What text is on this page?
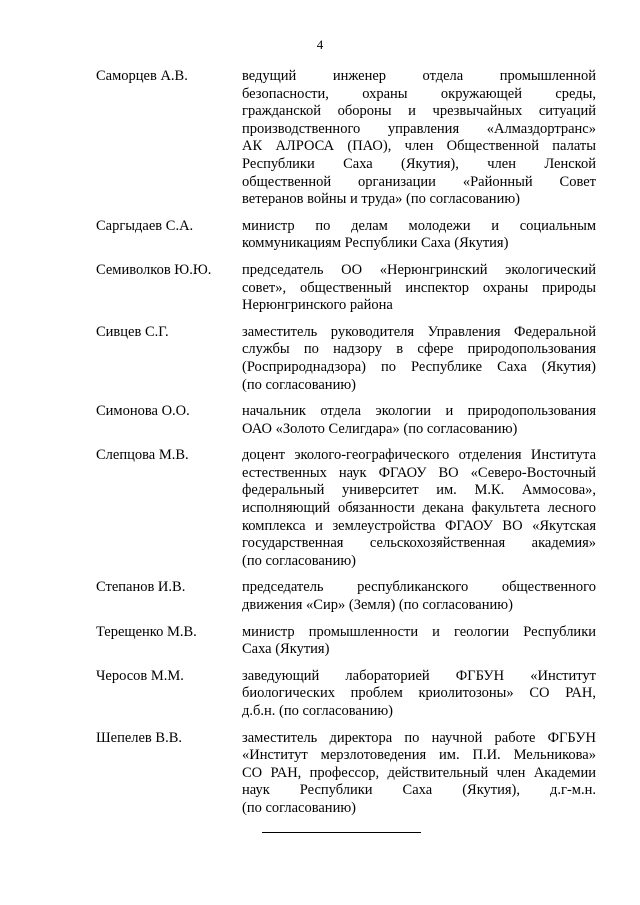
4
Саморцев А.В.	ведущий инженер отдела промышленной
безопасности, охраны окружающей среды,
гражданской обороны и чрезвычайных ситуаций
производственного управления «Алмаздортранс»
АК АЛРОСА (ПАО), член Общественной палаты
Республики Саха (Якутия), член Ленской
общественной организации «Районный Совет
ветеранов войны и труда» (по согласованию)
Саргыдаев С.А.	министр по делам молодежи и социальным
коммуникациям Республики Саха (Якутия)
Семиволков Ю.Ю.	председатель ОО «Нерюнгринский экологический
совет», общественный инспектор охраны природы
Нерюнгринского района
Сивцев С.Г.	заместитель руководителя Управления Федеральной
службы по надзору в сфере природопользования
(Росприроднадзора) по Республике Саха (Якутия)
(по согласованию)
Симонова О.О.	начальник отдела экологии и природопользования
ОАО «Золото Селигдара» (по согласованию)
Слепцова М.В.	доцент эколого-географического отделения Института
естественных наук ФГАОУ ВО «Северо-Восточный
федеральный университет им. М.К. Аммосова»,
исполняющий обязанности декана факультета лесного
комплекса и землеустройства ФГАОУ ВО «Якутская
государственная сельскохозяйственная академия»
(по согласованию)
Степанов И.В.	председатель республиканского общественного
движения «Сир» (Земля) (по согласованию)
Терещенко М.В.	министр промышленности и геологии Республики
Саха (Якутия)
Черосов М.М.	заведующий лабораторией ФГБУН «Институт
биологических проблем криолитозоны» СО РАН,
д.б.н. (по согласованию)
Шепелев В.В.	заместитель директора по научной работе ФГБУН
«Институт мерзлотоведения им. П.И. Мельникова»
СО РАН, профессор, действительный член Академии
наук Республики Саха (Якутия), д.г-м.н.
(по согласованию)
